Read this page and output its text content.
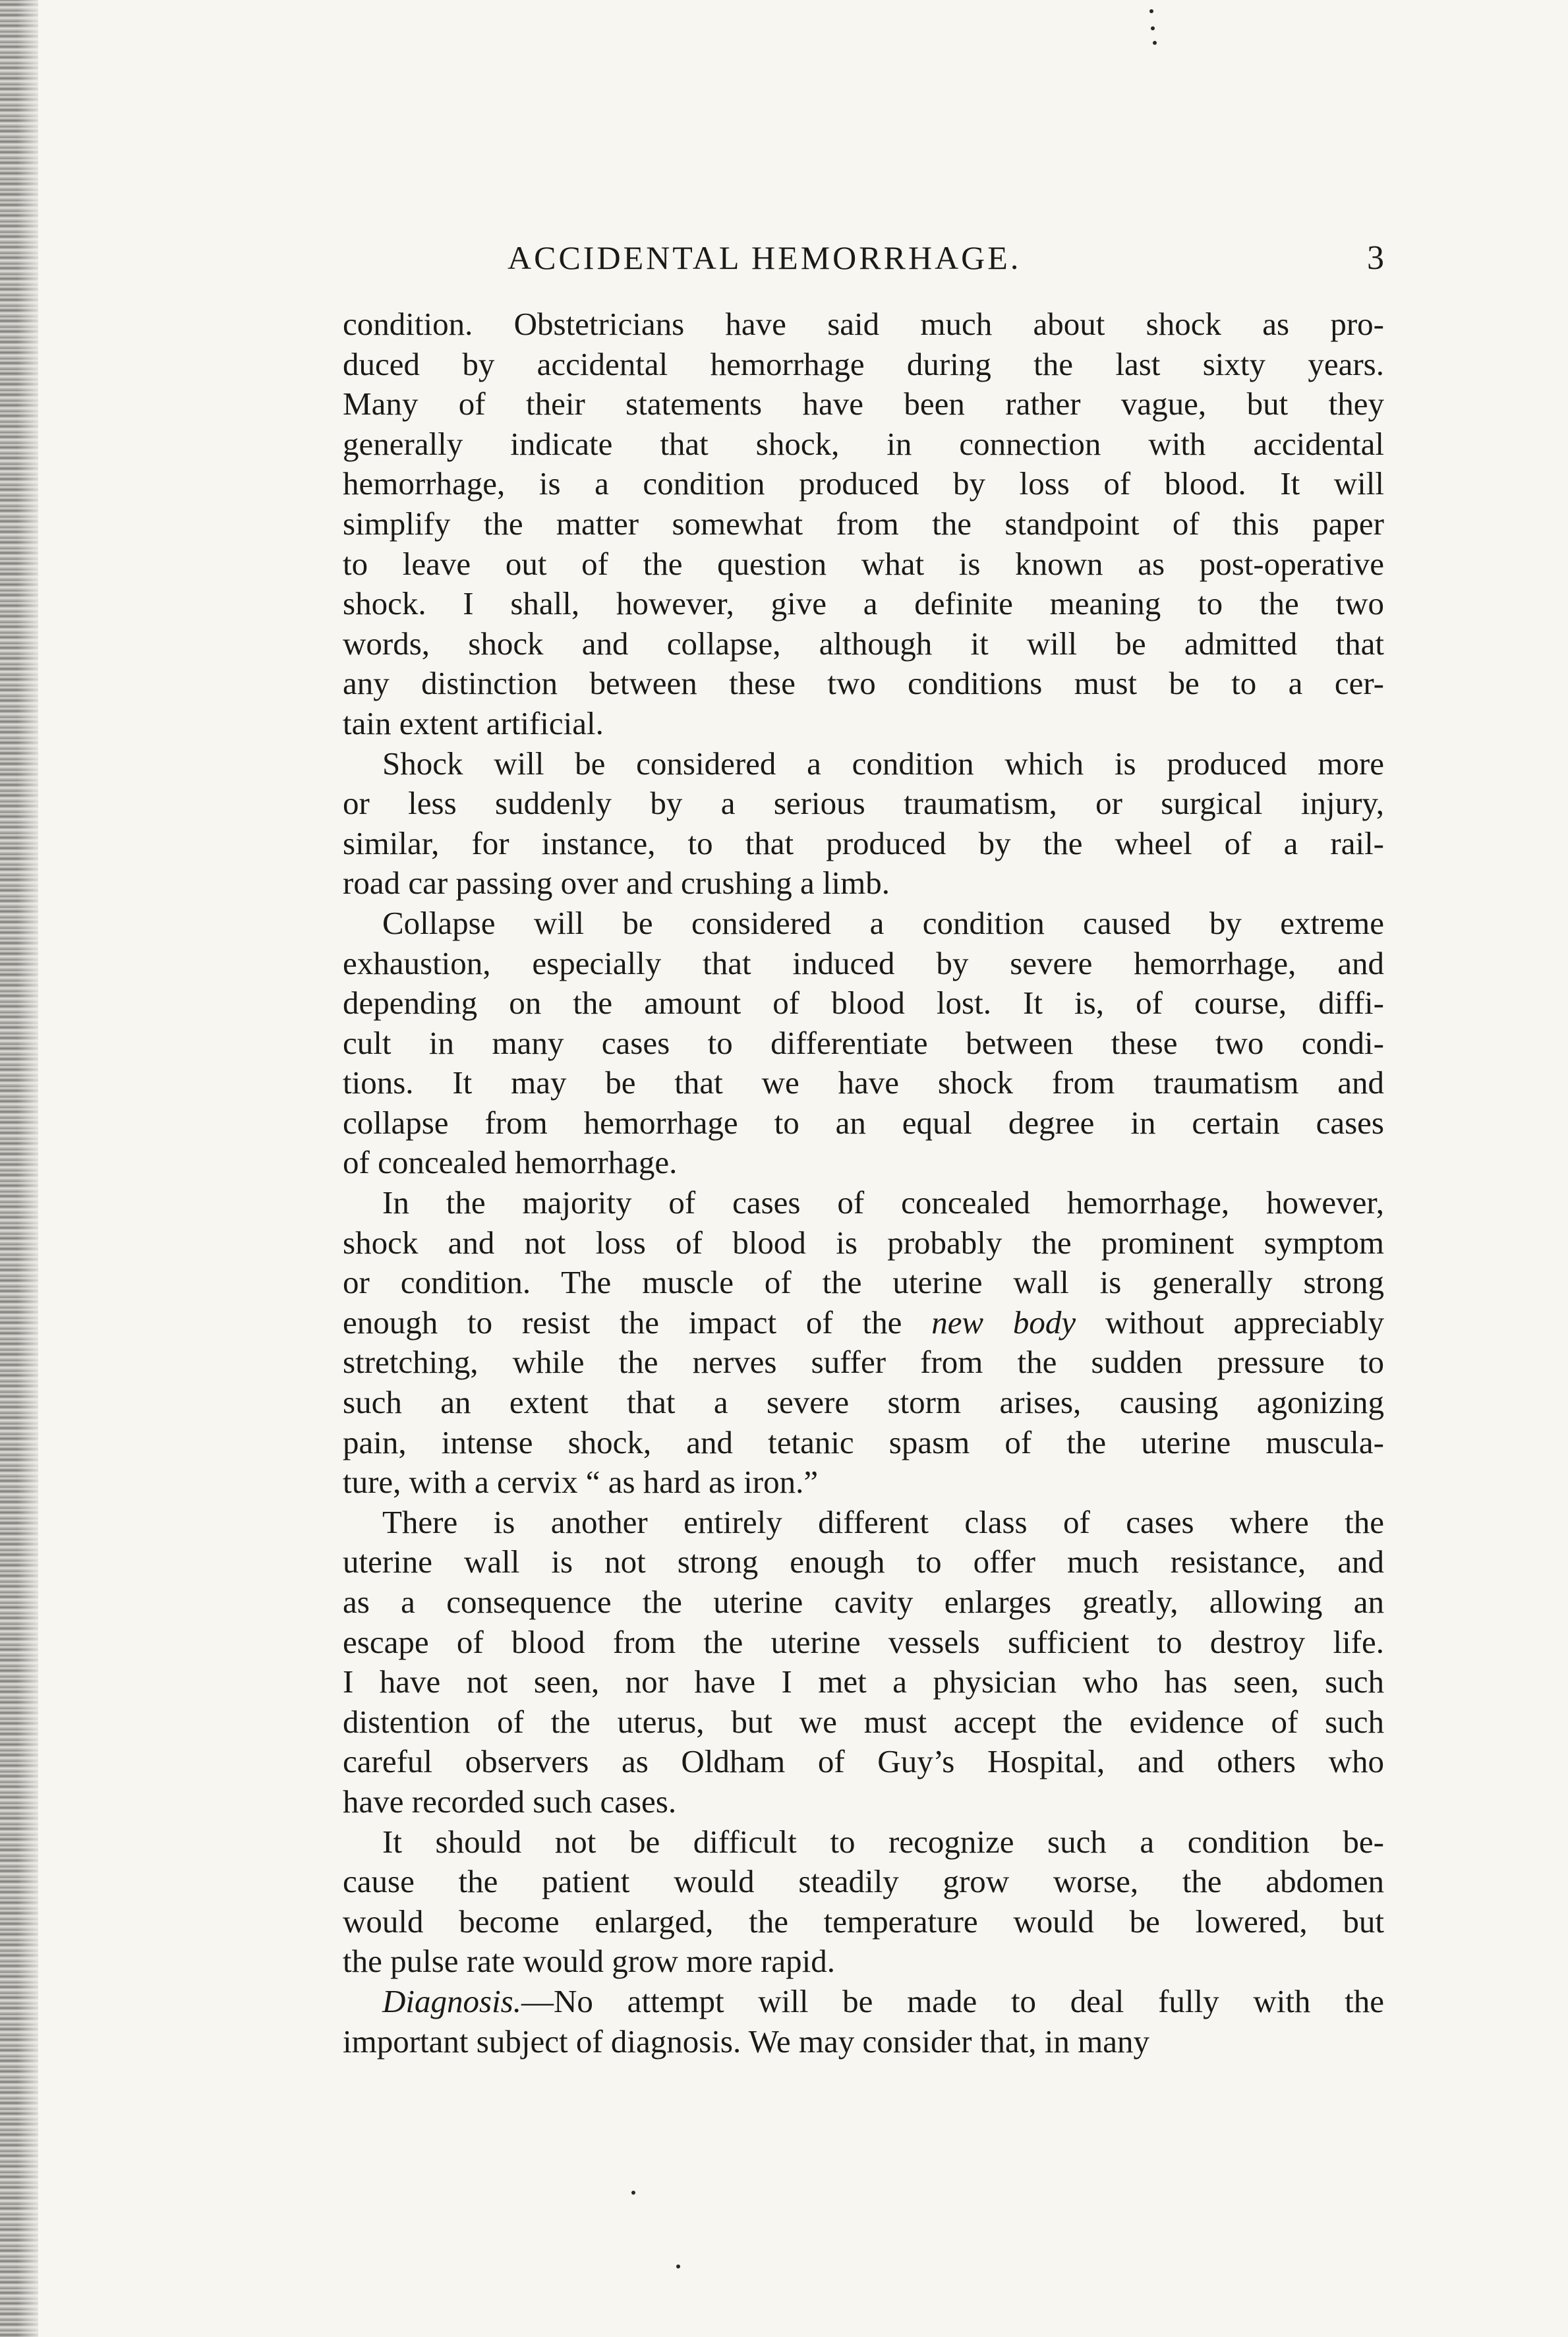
ACCIDENTAL HEMORRHAGE.	3
condition. Obstetricians have said much about shock as pro-
duced by accidental hemorrhage during the last sixty years.
Many of their statements have been rather vague, but they
generally indicate that shock, in connection with accidental
hemorrhage, is a condition produced by loss of blood. It will
simplify the matter somewhat from the standpoint of this paper
to leave out of the question what is known as post-operative
shock. I shall, however, give a definite meaning to the two
words, shock and collapse, although it will be admitted that
any distinction between these two conditions must be to a cer-
tain extent artificial.
Shock will be considered a condition which is produced more
or less suddenly by a serious traumatism, or surgical injury,
similar, for instance, to that produced by the wheel of a rail-
road car passing over and crushing a limb.
Collapse will be considered a condition caused by extreme
exhaustion, especially that induced by severe hemorrhage, and
depending on the amount of blood lost. It is, of course, diffi-
cult in many cases to differentiate between these two condi-
tions. It may be that we have shock from traumatism and
collapse from hemorrhage to an equal degree in certain cases
of concealed hemorrhage.
In the majority of cases of concealed hemorrhage, however,
shock and not loss of blood is probably the prominent symptom
or condition. The muscle of the uterine wall is generally strong
enough to resist the impact of the new body without appreciably
stretching, while the nerves suffer from the sudden pressure to
such an extent that a severe storm arises, causing agonizing
pain, intense shock, and tetanic spasm of the uterine muscula-
ture, with a cervix “ as hard as iron.”
There is another entirely different class of cases where the
uterine wall is not strong enough to offer much resistance, and
as a consequence the uterine cavity enlarges greatly, allowing an
escape of blood from the uterine vessels sufficient to destroy life.
I have not seen, nor have I met a physician who has seen, such
distention of the uterus, but we must accept the evidence of such
careful observers as Oldham of Guy’s Hospital, and others who
have recorded such cases.
It should not be difficult to recognize such a condition be-
cause the patient would steadily grow worse, the abdomen
would become enlarged, the temperature would be lowered, but
the pulse rate would grow more rapid.
Diagnosis.—No attempt will be made to deal fully with the
important subject of diagnosis. We may consider that, in many
